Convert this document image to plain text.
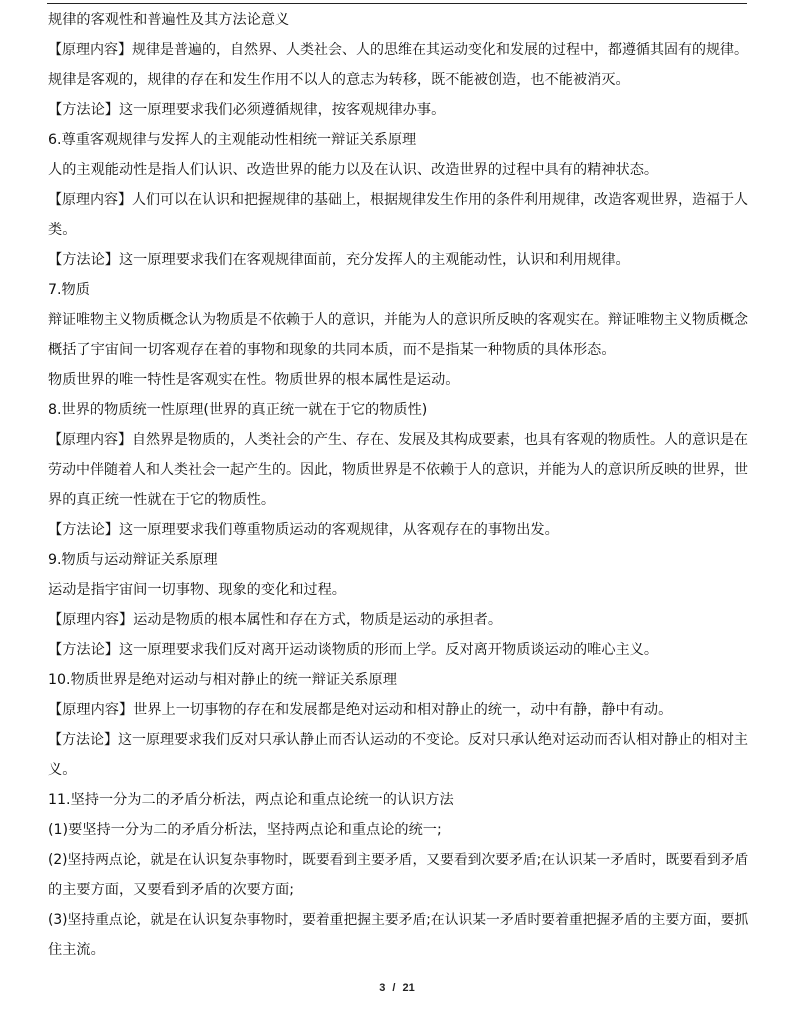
规律的客观性和普遍性及其方法论意义
【原理内容】规律是普遍的，自然界、人类社会、人的思维在其运动变化和发展的过程中，都遵循其固有的规律。
规律是客观的，规律的存在和发生作用不以人的意志为转移，既不能被创造，也不能被消灭。
【方法论】这一原理要求我们必须遵循规律，按客观规律办事。
6.尊重客观规律与发挥人的主观能动性相统一辩证关系原理
人的主观能动性是指人们认识、改造世界的能力以及在认识、改造世界的过程中具有的精神状态。
【原理内容】人们可以在认识和把握规律的基础上，根据规律发生作用的条件利用规律，改造客观世界，造福于人
类。
【方法论】这一原理要求我们在客观规律面前，充分发挥人的主观能动性，认识和利用规律。
7.物质
辩证唯物主义物质概念认为物质是不依赖于人的意识，并能为人的意识所反映的客观实在。辩证唯物主义物质概念
概括了宇宙间一切客观存在着的事物和现象的共同本质，而不是指某一种物质的具体形态。
物质世界的唯一特性是客观实在性。物质世界的根本属性是运动。
8.世界的物质统一性原理(世界的真正统一就在于它的物质性)
【原理内容】自然界是物质的，人类社会的产生、存在、发展及其构成要素，也具有客观的物质性。人的意识是在
劳动中伴随着人和人类社会一起产生的。因此，物质世界是不依赖于人的意识，并能为人的意识所反映的世界，世
界的真正统一性就在于它的物质性。
【方法论】这一原理要求我们尊重物质运动的客观规律，从客观存在的事物出发。
9.物质与运动辩证关系原理
运动是指宇宙间一切事物、现象的变化和过程。
【原理内容】运动是物质的根本属性和存在方式，物质是运动的承担者。
【方法论】这一原理要求我们反对离开运动谈物质的形而上学。反对离开物质谈运动的唯心主义。
10.物质世界是绝对运动与相对静止的统一辩证关系原理
【原理内容】世界上一切事物的存在和发展都是绝对运动和相对静止的统一，动中有静，静中有动。
【方法论】这一原理要求我们反对只承认静止而否认运动的不变论。反对只承认绝对运动而否认相对静止的相对主
义。
11.坚持一分为二的矛盾分析法，两点论和重点论统一的认识方法
(1)要坚持一分为二的矛盾分析法，坚持两点论和重点论的统一;
(2)坚持两点论，就是在认识复杂事物时，既要看到主要矛盾，又要看到次要矛盾;在认识某一矛盾时，既要看到矛盾
的主要方面，又要看到矛盾的次要方面;
(3)坚持重点论，就是在认识复杂事物时，要着重把握主要矛盾;在认识某一矛盾时要着重把握矛盾的主要方面，要抓
住主流。
3 / 21
